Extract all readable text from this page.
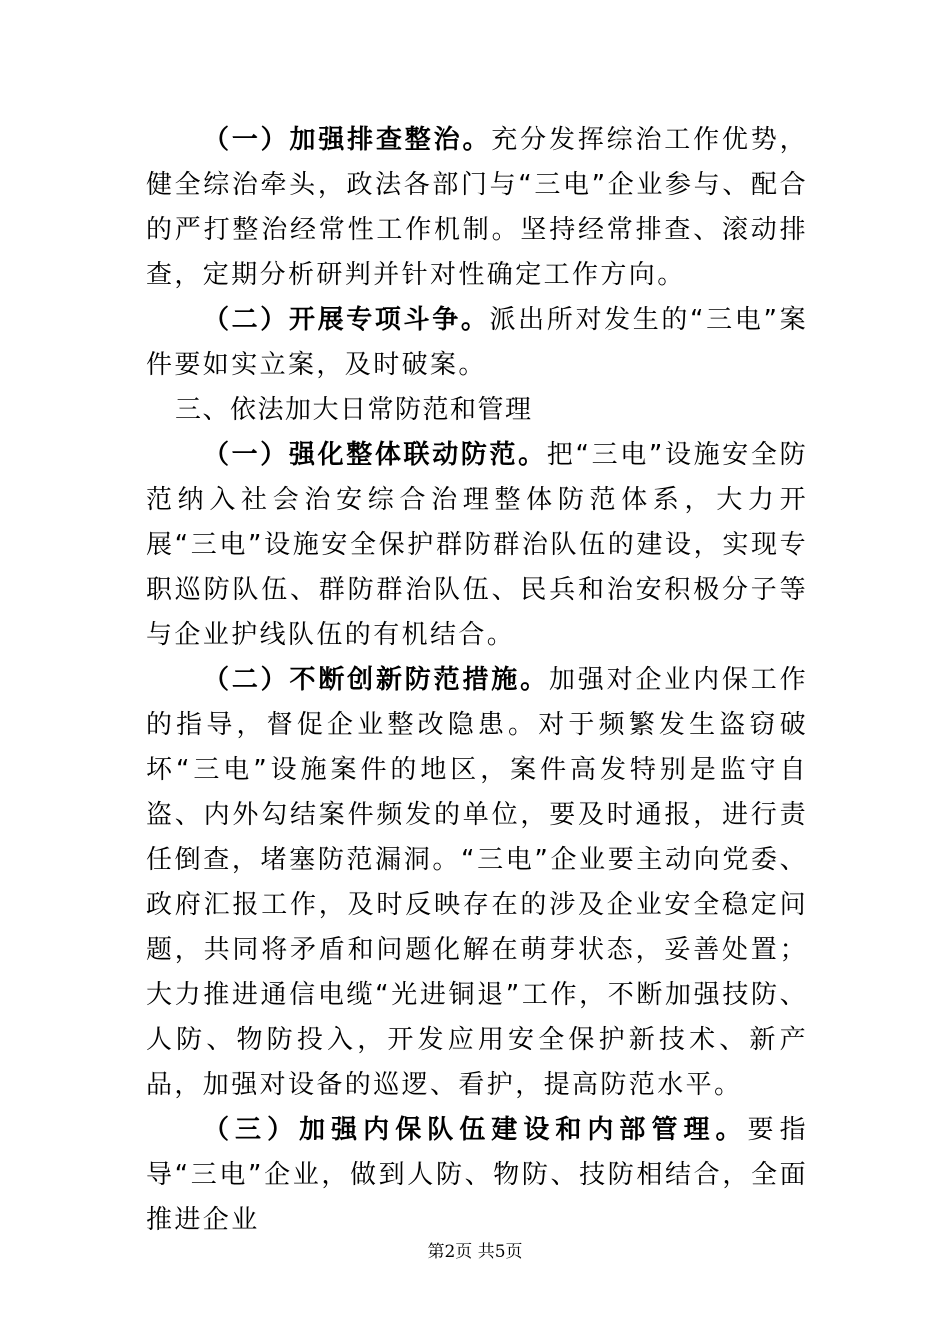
（一）加强排查整治。充分发挥综治工作优势，健全综治牵头，政法各部门与“三电”企业参与、配合的严打整治经常性工作机制。坚持经常排查、滚动排查，定期分析研判并针对性确定工作方向。

（二）开展专项斗争。派出所对发生的“三电”案件要如实立案，及时破案。

三、依法加大日常防范和管理

（一）强化整体联动防范。把“三电”设施安全防范纳入社会治安综合治理整体防范体系，大力开展“三电”设施安全保护群防群治队伍的建设，实现专职巡防队伍、群防群治队伍、民兵和治安积极分子等与企业护线队伍的有机结合。

（二）不断创新防范措施。加强对企业内保工作的指导，督促企业整改隐患。对于频繁发生盗窃破坏“三电”设施案件的地区，案件高发特别是监守自盗、内外勾结案件频发的单位，要及时通报，进行责任倒查，堵塞防范漏洞。“三电”企业要主动向党委、政府汇报工作，及时反映存在的涉及企业安全稳定问题，共同将矛盾和问题化解在萌芽状态，妥善处置；大力推进通信电缆“光进铜退”工作，不断加强技防、人防、物防投入，开发应用安全保护新技术、新产品，加强对设备的巡逻、看护，提高防范水平。

（三）加强内保队伍建设和内部管理。要指导“三电”企业，做到人防、物防、技防相结合，全面推进企业

第2页 共5页
